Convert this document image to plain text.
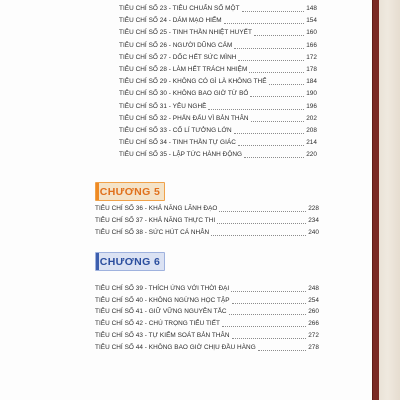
TIÊU CHÍ SỐ 23 - TIÊU CHUẨN SỐ MỘT	148
TIÊU CHÍ SỐ 24 - DÁM MẠO HIỂM	154
TIÊU CHÍ SỐ 25 - TINH THẦN NHIỆT HUYẾT	160
TIÊU CHÍ SỐ 26 - NGƯỜI DŨNG CẢM	166
TIÊU CHÍ SỐ 27 - DỐC HẾT SỨC MÌNH	172
TIÊU CHÍ SỐ 28 - LÀM HẾT TRÁCH NHIỆM	178
TIÊU CHÍ SỐ 29 - KHÔNG CÓ GÌ LÀ KHÔNG THỂ	184
TIÊU CHÍ SỐ 30 - KHÔNG BAO GIỜ TỪ BỎ	190
TIÊU CHÍ SỐ 31 - YÊU NGHỀ	196
TIÊU CHÍ SỐ 32 - PHẤN ĐẤU VÌ BẢN THÂN	202
TIÊU CHÍ SỐ 33 - CỐ LÍ TƯỞNG LỚN	208
TIÊU CHÍ SỐ 34 - TINH THẦN TỰ GIÁC	214
TIÊU CHÍ SỐ 35 - LẬP TỨC HÀNH ĐỘNG	220
CHƯƠNG 5
TIÊU CHÍ SỐ 36 - KHẢ NĂNG LÃNH ĐẠO	228
TIÊU CHÍ SỐ 37 - KHẢ NĂNG THỰC THI	234
TIÊU CHÍ SỐ 38 - SỨC HÚT CÁ NHÂN	240
CHƯƠNG 6
TIÊU CHÍ SỐ 39 - THÍCH ỨNG VỚI THỜI ĐẠI	248
TIÊU CHÍ SỐ 40 - KHÔNG NGỪNG HỌC TẬP	254
TIÊU CHÍ SỐ 41 - GIỮ VỮNG NGUYÊN TẮC	260
TIÊU CHÍ SỐ 42 - CHÚ TRỌNG TIỂU TIẾT	266
TIÊU CHÍ SỐ 43 - TỰ KIỂM SOÁT BẢN THÂN	272
TIÊU CHÍ SỐ 44 - KHÔNG BAO GIỜ CHỊU ĐẦU HÀNG	278
